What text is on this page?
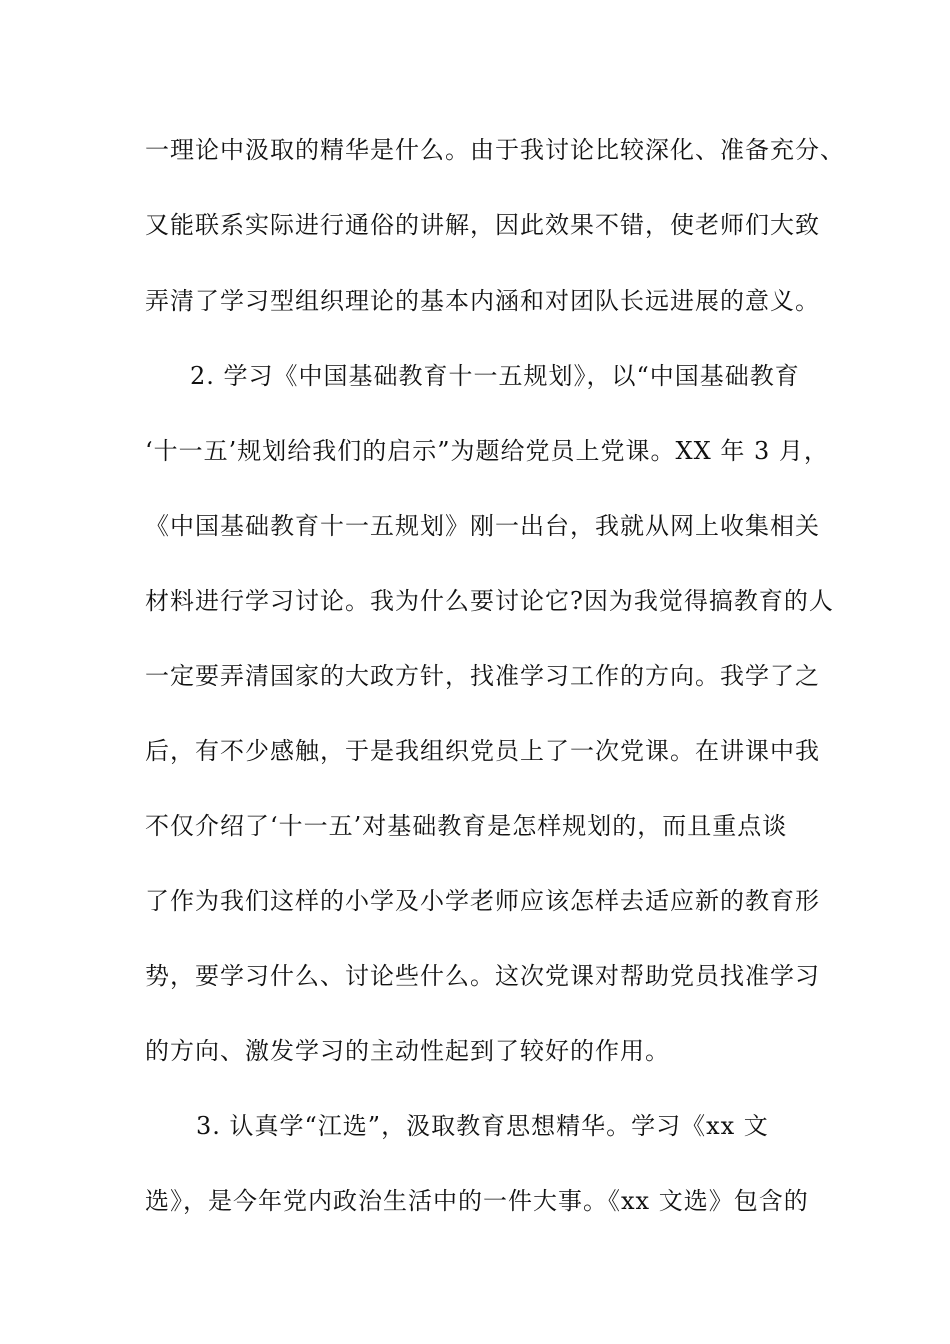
一理论中汲取的精华是什么。由于我讨论比较深化、准备充分、
又能联系实际进行通俗的讲解，因此效果不错，使老师们大致
弄清了学习型组织理论的基本内涵和对团队长远进展的意义。
2. 学习《中国基础教育十一五规划》，以“中国基础教育
‘十一五’规划给我们的启示”为题给党员上党课。XX 年 3 月，
《中国基础教育十一五规划》刚一出台，我就从网上收集相关
材料进行学习讨论。我为什么要讨论它?因为我觉得搞教育的人
一定要弄清国家的大政方针，找准学习工作的方向。我学了之
后，有不少感触，于是我组织党员上了一次党课。在讲课中我
不仅介绍了‘十一五’对基础教育是怎样规划的，而且重点谈
了作为我们这样的小学及小学老师应该怎样去适应新的教育形
势，要学习什么、讨论些什么。这次党课对帮助党员找准学习
的方向、激发学习的主动性起到了较好的作用。
3. 认真学“江选”，汲取教育思想精华。学习《xx 文
选》，是今年党内政治生活中的一件大事。《xx 文选》包含的
